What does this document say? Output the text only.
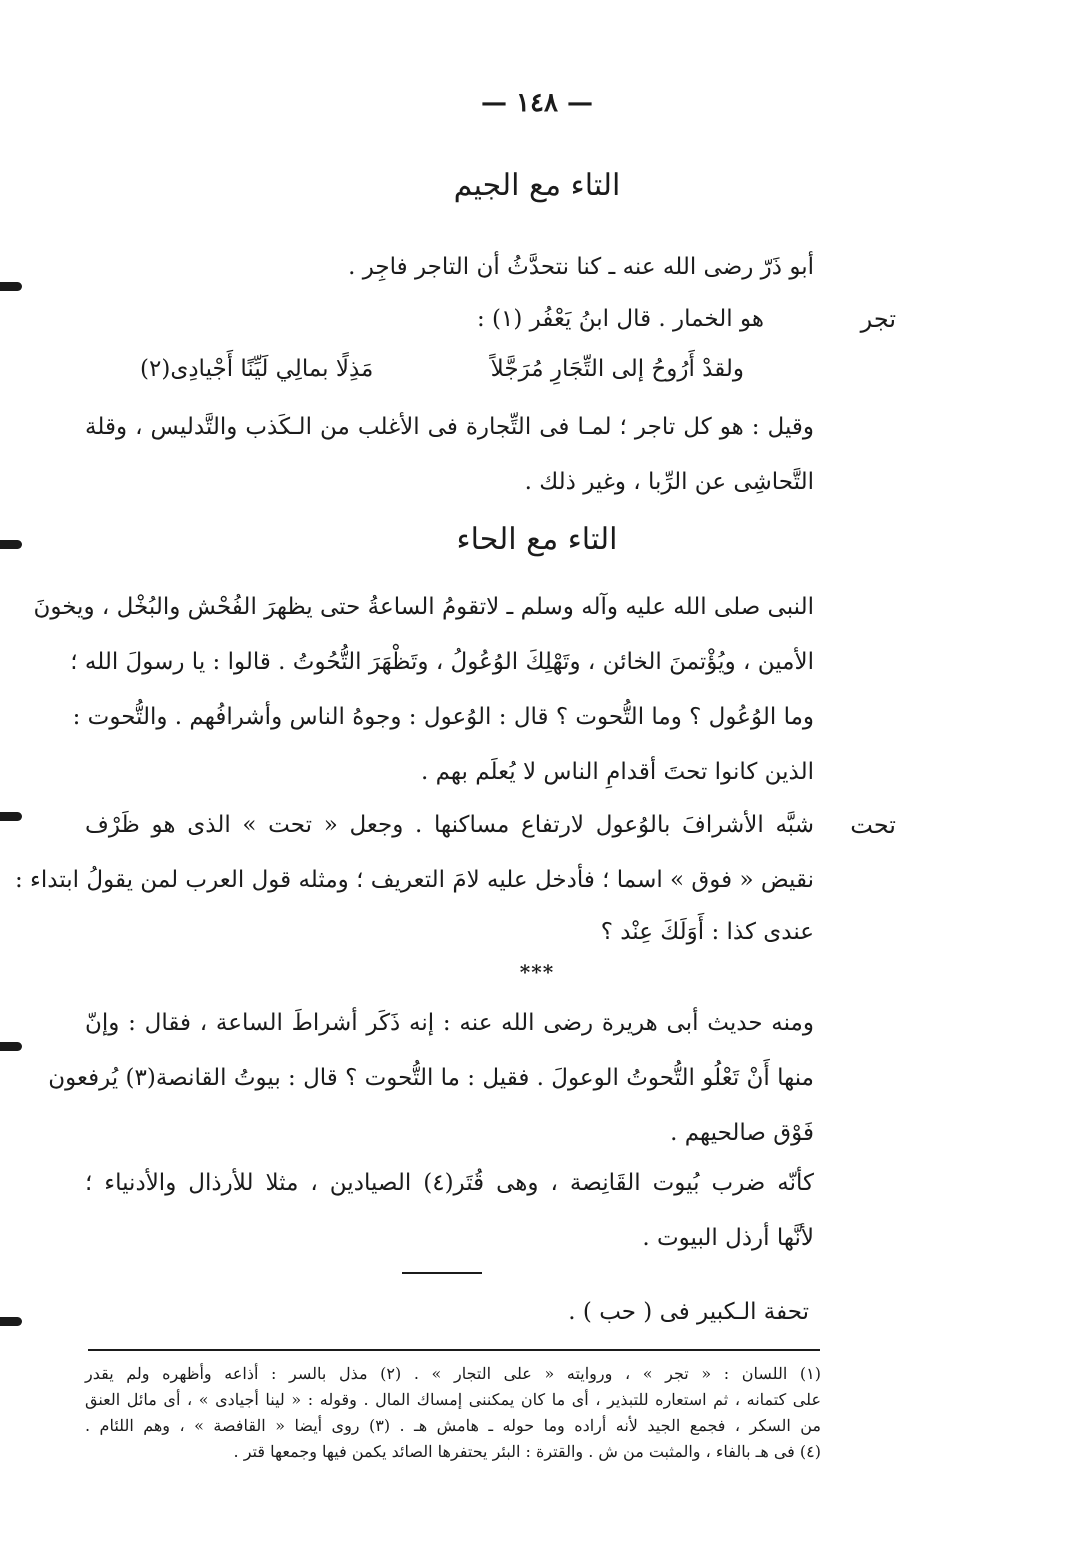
— ١٤٨ —
التاء مع الجيم
أبو ذَرّ رضى الله عنه ـ كنا نتحدَّثُ أن التاجر فاجِر .
تجر
هو الخمار . قال ابنُ يَعْفُر (١) :
ولقدْ أَرُوحُ إلى التِّجَارِ مُرَجَّلاً
مَذِلًا بمالِي لَيِّنًا أَجْيادِى(٢)
وقيل : هو كل تاجر ؛ لمـا فى التِّجارة فى الأغلب من الـكَذب والتَّدليس ، وقلة
التَّحاشِى عن الرِّبا ، وغير ذلك .
التاء مع الحاء
النبى صلى الله عليه وآله وسلم ـ لاتقومُ الساعةُ حتى يظهرَ الفُحْش والبُخْل ، ويخونَ
الأمين ، ويُؤْتمنَ الخائن ، وتَهْلِكَ الوُعُولُ ، وتَظْهَرَ التُّحُوتُ . قالوا : يا رسولَ الله ؛
وما الوُعُول ؟ وما التُّحوت ؟ قال : الوُعول : وجوهُ الناس وأشرافُهم . والتُّحوت :
الذين كانوا تحتَ أقدامِ الناس لا يُعلَم بهم .
تحت
شبَّه الأشرافَ بالوُعول لارتفاع مساكنها . وجعل « تحت » الذى هو ظَرْف
نقيض « فوق » اسما ؛ فأدخل عليه لامَ التعريف ؛ ومثله قول العرب لمن يقولُ ابتداء :
عندى كذا : أَوَلَكَ عِنْد ؟
***
ومنه حديث أبى هريرة رضى الله عنه : إنه ذَكَر أشراطَ الساعة ، فقال : وإنّ
منها أَنْ تَعْلُو التُّحوتُ الوعولَ . فقيل : ما التُّحوت ؟ قال : بيوتُ القانصة(٣) يُرفعون
فَوْق صالحيهم .
كأنّه ضرب بُيوت القَانِصة ، وهى قُتَر(٤) الصيادين ، مثلا للأرذال والأدنياء ؛
لأنَّها أرذل البيوت .
تحفة الـكبير فى ( حب ) .
(١) اللسان : « تجر » ، وروايته « على التجار » . (٢) مذل بالسر : أذاعه وأظهره ولم يقدر
على كتمانه ، ثم استعاره للتبذير ، أى ما كان يمكننى إمساك المال . وقوله : « لينا أجيادى » ، أى مائل العنق
من السكر ، فجمع الجيد لأنه أراده وما حوله ـ هامش هـ . (٣) روى أيضا « القافصة » ، وهم اللئام .
(٤) فى هـ بالفاء ، والمثبت من ش . والقترة : البئر يحتفرها الصائد يكمن فيها وجمعها قتر .
